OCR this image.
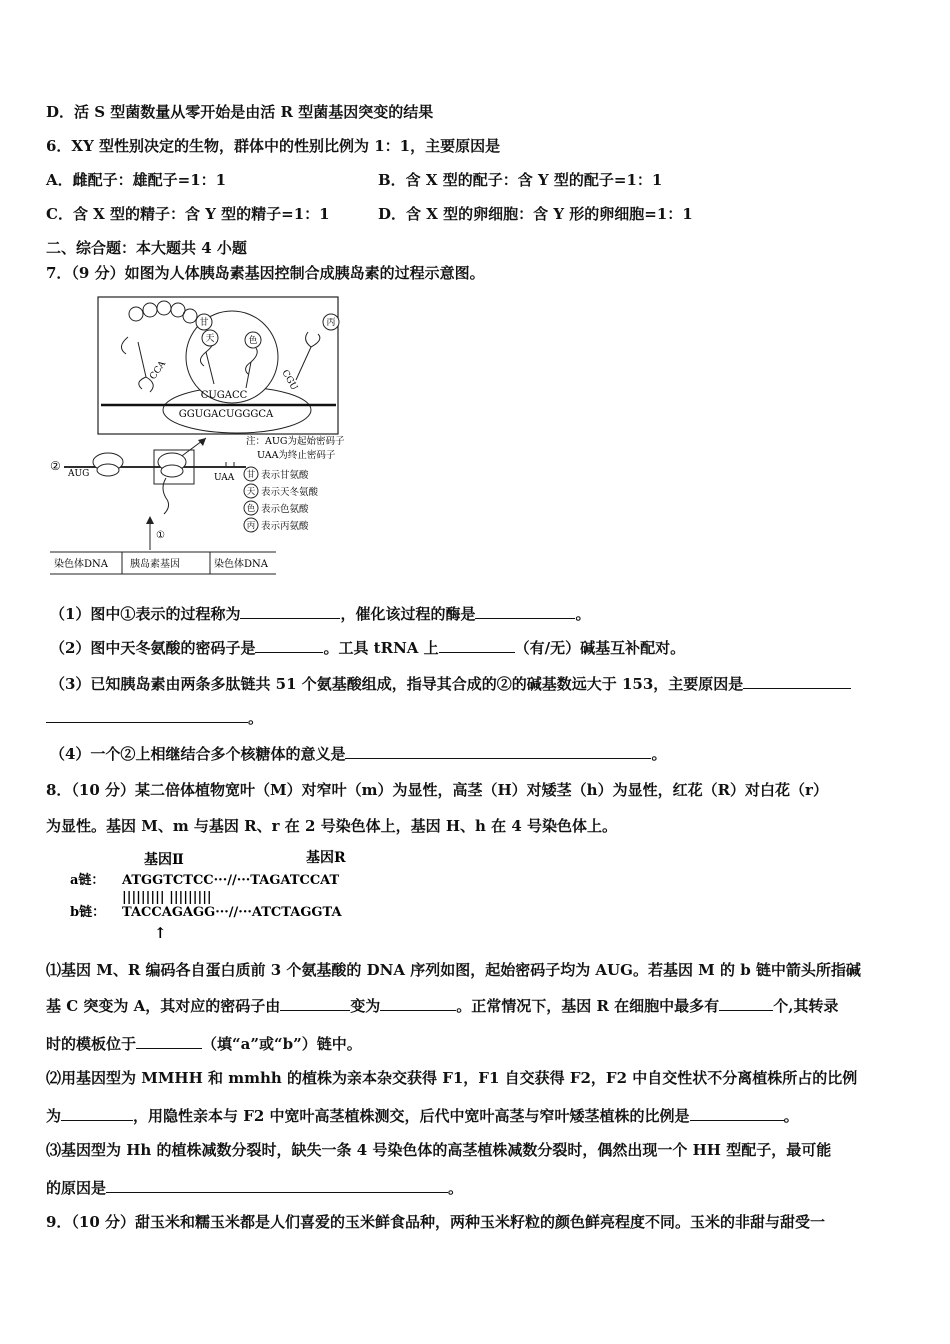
D．活 S 型菌数量从零开始是由活 R 型菌基因突变的结果
6．XY 型性别决定的生物，群体中的性别比例为 1：1，主要原因是
A．雌配子：雄配子=1：1	B．含 X 型的配子：含 Y 型的配子=1：1
C．含 X 型的精子：含 Y 型的精子=1：1	D．含 X 型的卵细胞：含 Y 形的卵细胞=1：1
二、综合题：本大题共 4 小题
7．（9 分）如图为人体胰岛素基因控制合成胰岛素的过程示意图。
CCA	CGU
甘
天	色
丙
CUGACC
GGUGACUGGGCA
②
AUG	UAA
注：AUG为起始密码子
UAA为终止密码子
甘
天
色
丙
表示甘氨酸
表示天冬氨酸
表示色氨酸
表示丙氨酸
①
染色体DNA 胰岛素基因	染色体DNA
（1）图中①表示的过程称为	，催化该过程的酶是	。
（2）图中天冬氨酸的密码子是	。工具 tRNA 上	（有/无）碱基互补配对。
（3）已知胰岛素由两条多肽链共 51 个氨基酸组成，指导其合成的②的碱基数远大于 153，主要原因是
。
（4）一个②上相继结合多个核糖体的意义是	。
8．（10 分）某二倍体植物宽叶（M）对窄叶（m）为显性，高茎（H）对矮茎（h）为显性，红花（R）对白花（r）
为显性。基因 M、m 与基因 R、r 在 2 号染色体上，基因 H、h 在 4 号染色体上。
基因Ⅱ	基因R
a链： ATGGTCTCC···//···TAGATCCAT
||||||||| |||||||||
b链： TACCAGAGG···//···ATCTAGGTA
↑
⑴基因 M、R 编码各自蛋白质前 3 个氨基酸的 DNA 序列如图，起始密码子均为 AUG。若基因 M 的 b 链中箭头所指碱
基 C 突变为 A，其对应的密码子由	变为	。正常情况下，基因 R 在细胞中最多有	个,其转录
时的模板位于	（填“a”或“b”）链中。
⑵用基因型为 MMHH 和 mmhh 的植株为亲本杂交获得 F1，F1 自交获得 F2，F2 中自交性状不分离植株所占的比例
为	，用隐性亲本与 F2 中宽叶高茎植株测交，后代中宽叶高茎与窄叶矮茎植株的比例是	。
⑶基因型为 Hh 的植株减数分裂时，缺失一条 4 号染色体的高茎植株减数分裂时，偶然出现一个 HH 型配子，最可能
的原因是	。
9．（10 分）甜玉米和糯玉米都是人们喜爱的玉米鲜食品种，两种玉米籽粒的颜色鲜亮程度不同。玉米的非甜与甜受一
